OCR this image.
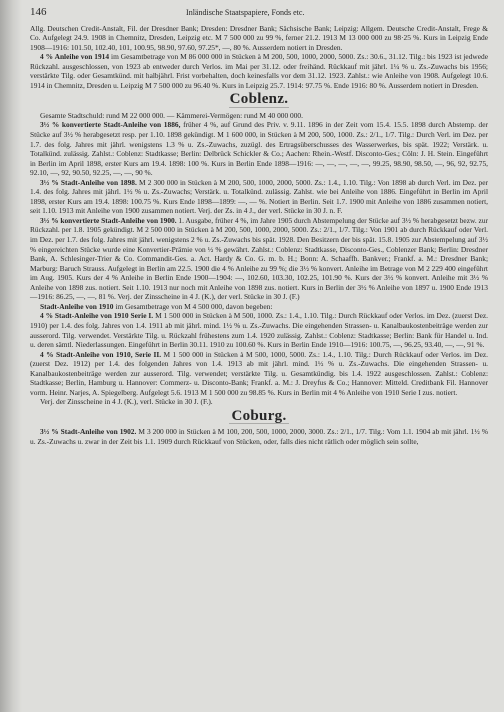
146	Inländische Staatspapiere, Fonds etc.

Allg. Deutschen Credit-Anstalt, Fil. der Dresdner Bank; Dresden: Dresdner Bank; Sächsische Bank; Leipzig: Allgem. Deutsche Credit-Anstalt, Frege & Co. Aufgelegt 24.9. 1908 in Chemnitz, Dresden, Leipzig etc. M 7 500 000 zu 99 %, ferner 21.2. 1913 M 13 000 000 zu 98·25 %. Kurs in Leipzig Ende 1908—1916: 101.50, 102.40, 101, 100.95, 98.90, 97.60, 97.25*, —, 80 %. Ausserdem notiert in Dresden.

4 % Anleihe von 1914 im Gesamtbetrage von M 86 000 000 in Stücken à M 200, 500, 1000, 2000, 5000. Zs.: 30.6., 31.12. Tilg.: bis 1923 ist jedwede Rückzahl. ausgeschlossen, von 1923 ab entweder durch Verlos. im Mai per 31.12. oder freihänd. Rückkauf mit jährl. 1¼ % u. Zs.-Zuwachs bis 1956; verstärkte Tilg. oder Gesamtkünd. mit halbjährl. Frist vorbehalten, doch keinesfalls vor dem 31.12. 1923. Zahlst.: wie Anleihe von 1908. Aufgelegt 10.6. 1914 in Chemnitz, Dresden u. Leipzig M 7 500 000 zu 96.40 %. Kurs in Leipzig 25.7. 1914: 97.75 %. Ende 1916: 80 %. Ausserdem notiert in Dresden.

Coblenz.

Gesamte Stadtschuld: rund M 22 000 000. — Kämmerei-Vermögen: rund M 40 000 000.

3½ % konvertierte Stadt-Anleihe von 1886, früher 4 %, auf Grund des Priv. v. 9.11. 1896 in der Zeit vom 15.4. 15.5. 1898 durch Abstemp. der Stücke auf 3½ % herabgesetzt resp. per 1.10. 1898 gekündigt. M 1 600 000, in Stücken à M 200, 500, 1000. Zs.: 2/1., 1/7. Tilg.: Durch Verl. im Dez. per 1.7. des folg. Jahres mit jährl. wenigstens 1.3 % u. Zs.-Zuwachs, zuzügl. des Ertragsüberschusses des Wasserwerkes, bis spät. 1922; Verstärk. u. Totalkünd. zulässig. Zahlst.: Coblenz: Stadtkasse; Berlin: Delbrück Schickler & Co.; Aachen: Rhein.-Westf. Disconto-Ges.; Cöln: J. H. Stein. Eingeführt in Berlin im April 1898, erster Kurs am 19.4. 1898: 100 %. Kurs in Berlin Ende 1898—1916: —, —, —, —, —, 99.25, 98.90, 98.50, —, 96, 92, 92.75, 92.10, —, 92, 90.50, 92.25, —, —, 90 %.

3½ % Stadt-Anleihe von 1898. M 2 300 000 in Stücken à M 200, 500, 1000, 2000, 5000. Zs.: 1.4., 1.10. Tilg.: Von 1898 ab durch Verl. im Dez. per 1.4. des folg. Jahres mit jährl. 1½ % u. Zs.-Zuwachs; Verstärk. u. Totalkünd. zulässig. Zahlst. wie bei Anleihe von 1886. Eingeführt in Berlin im April 1898, erster Kurs am 19.4. 1898: 100.75 %. Kurs Ende 1898—1899: —, — %. Notiert in Berlin. Seit 1.7. 1900 mit Anleihe von 1886 zusammen notiert, seit 1.10. 1913 mit Anleihe von 1900 zusammen notiert. Verj. der Zs. in 4 J., der verl. Stücke in 30 J. n. F.

3½ % konvertierte Stadt-Anleihe von 1900. 1. Ausgabe, früher 4 %, im Jahre 1905 durch Abstempelung der Stücke auf 3½ % herabgesetzt bezw. zur Rückzahl. per 1.8. 1905 gekündigt. M 2 500 000 in Stücken à M 200, 500, 1000, 2000, 5000. Zs.: 2/1., 1/7. Tilg.: Von 1901 ab durch Rückkauf oder Verl. im Dez. per 1.7. des folg. Jahres mit jährl. wenigstens 2 % u. Zs.-Zuwachs bis spät. 1928. Den Besitzern der bis spät. 15.8. 1905 zur Abstempelung auf 3½ % eingereichten Stücke wurde eine Konvertier-Prämie von ½ % gewährt. Zahlst.: Coblenz: Stadtkasse, Disconto-Ges., Coblenzer Bank; Berlin: Dresdner Bank, A. Schlesinger-Trier & Co. Commandit-Ges. a. Act. Hardy & Co. G. m. b. H.; Bonn: A. Schaaffh. Bankver.; Frankf. a. M.: Dresdner Bank; Marburg: Baruch Strauss. Aufgelegt in Berlin am 22.5. 1900 die 4 % Anleihe zu 99 %; die 3½ % konvert. Anleihe im Betrage von M 2 229 400 eingeführt im Aug. 1905. Kurs der 4 % Anleihe in Berlin Ende 1900—1904: —, 102.60, 103.30, 102.25, 101.90 %. Kurs der 3½ % konvert. Anleihe mit 3½ % Anleihe von 1898 zus. notiert. Seit 1.10. 1913 nur noch mit Anleihe von 1898 zus. notiert. Kurs in Berlin der 3½ % Anleihe von 1897 u. 1900 Ende 1913—1916: 86.25, —, —, 81 %. Verj. der Zinsscheine in 4 J. (K.), der verl. Stücke in 30 J. (F.)

Stadt-Anleihe von 1910 im Gesamtbetrage von M 4 500 000, davon begeben:

4 % Stadt-Anleihe von 1910 Serie I. M 1 500 000 in Stücken à M 500, 1000. Zs.: 1.4., 1.10. Tilg.: Durch Rückkauf oder Verlos. im Dez. (zuerst Dez. 1910) per 1.4. des folg. Jahres von 1.4. 1911 ab mit jährl. mind. 1½ % u. Zs.-Zuwachs. Die eingehenden Strassen- u. Kanalbaukostenbeiträge werden zur ausserord. Tilg. verwendet. Verstärkte Tilg. u. Rückzahl frühestens zum 1.4. 1920 zulässig. Zahlst.: Coblenz: Stadtkasse; Berlin: Bank für Handel u. Ind. u. deren sämtl. Niederlassungen. Eingeführt in Berlin 30.11. 1910 zu 100.60 %. Kurs in Berlin Ende 1910—1916: 100.75, —, 96.25, 93.40, —, —, 91 %.

4 % Stadt-Anleihe von 1910, Serie II. M 1 500 000 in Stücken à M 500, 1000, 5000. Zs.: 1.4., 1.10. Tilg.: Durch Rückkauf oder Verlos. im Dez. (zuerst Dez. 1912) per 1.4. des folgenden Jahres von 1.4. 1913 ab mit jährl. mind. 1½ % u. Zs.-Zuwachs. Die eingehenden Strassen- u. Kanalbaukostenbeiträge werden zur ausserord. Tilg. verwendet; verstärkte Tilg. u. Gesamtkündig. bis 1.4. 1922 ausgeschlossen. Zahlst.: Coblenz: Stadtkasse; Berlin, Hamburg u. Hannover: Commerz- u. Disconto-Bank; Frankf. a. M.: J. Dreyfus & Co.; Hannover: Mitteld. Creditbank Fil. Hannover vorm. Heinr. Narjes, A. Spiegelberg. Aufgelegt 5.6. 1913 M 1 500 000 zu 98.85 %. Kurs in Berlin mit 4 % Anleihe von 1910 Serie I zus. notiert.

Verj. der Zinsscheine in 4 J. (K.), verl. Stücke in 30 J. (F.).

Coburg.

3½ % Stadt-Anleihe von 1902. M 3 200 000 in Stücken à M 100, 200, 500, 1000, 2000, 3000. Zs.: 2/1., 1/7. Tilg.: Vom 1.1. 1904 ab mit jährl. 1½ % u. Zs.-Zuwachs u. zwar in der Zeit bis 1.1. 1909 durch Rückkauf von Stücken, oder, falls dies nicht rätlich oder möglich sein sollte,
